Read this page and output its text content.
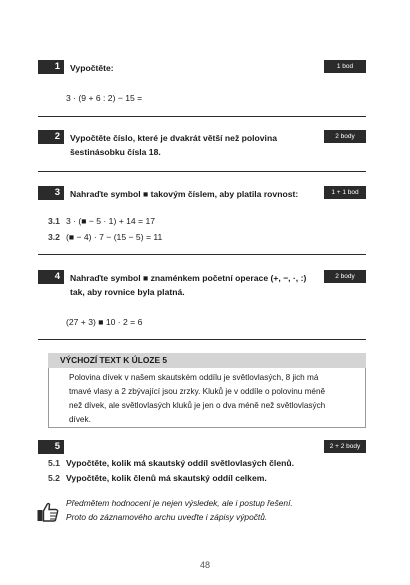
1	Vypočtěte:	1 bod
3 · (9 + 6 : 2) − 15 =
2	Vypočtěte číslo, které je dvakrát větší než polovina
šestinásobku čísla 18.
2 body
3	Nahraďte symbol ■ takovým číslem, aby platila rovnost:	1 + 1 bod
3.1 3 · (■ − 5 · 1) + 14 = 17
3.2 (■ − 4) · 7 − (15 − 5) = 11
4	Nahraďte symbol ■ znaménkem početní operace (+, −, ·, :)
tak, aby rovnice byla platná.
2 body
(27 + 3) ■ 10 · 2 = 6
VÝCHOZÍ TEXT K ÚLOZE 5
Polovina dívek v našem skautském oddílu je světlovlasých, 8 jich má
tmavé vlasy a 2 zbývající jsou zrzky. Kluků je v oddíle o polovinu méně
než dívek, ale světlovlasých kluků je jen o dva méně než světlovlasých
dívek.
5	2 + 2 body
5.1 Vypočtěte, kolik má skautský oddíl světlovlasých členů.
5.2 Vypočtěte, kolik členů má skautský oddíl celkem.
Předmětem hodnocení je nejen výsledek, ale i postup řešení.
Proto do záznamového archu uveďte i zápisy výpočtů.
48
